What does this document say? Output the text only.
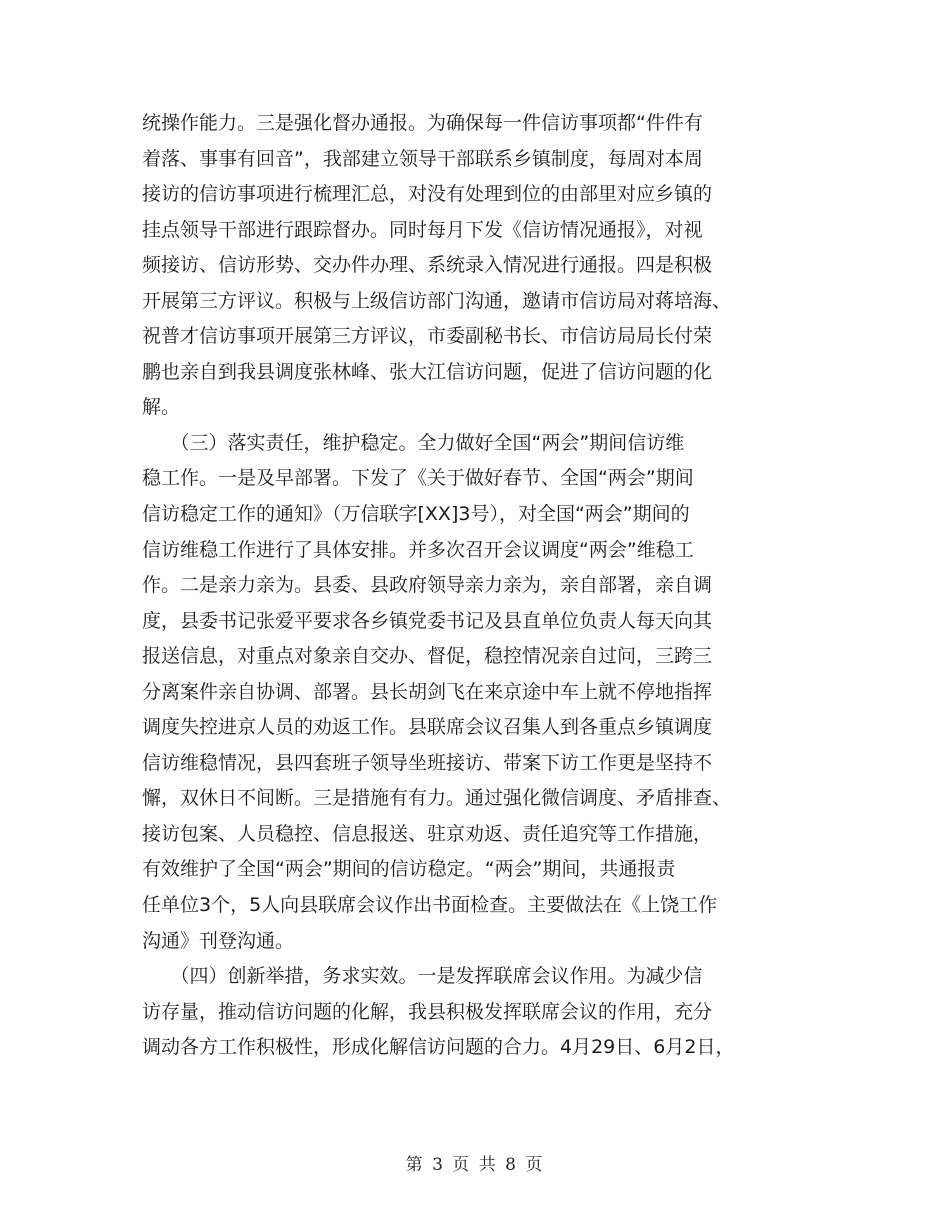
统操作能力。三是强化督办通报。为确保每一件信访事项都“件件有
着落、事事有回音”，我部建立领导干部联系乡镇制度，每周对本周
接访的信访事项进行梳理汇总，对没有处理到位的由部里对应乡镇的
挂点领导干部进行跟踪督办。同时每月下发《信访情况通报》，对视
频接访、信访形势、交办件办理、系统录入情况进行通报。四是积极
开展第三方评议。积极与上级信访部门沟通，邀请市信访局对蒋培海、
祝普才信访事项开展第三方评议，市委副秘书长、市信访局局长付荣
鹏也亲自到我县调度张林峰、张大江信访问题，促进了信访问题的化
解。
　　（三）落实责任，维护稳定。全力做好全国“两会”期间信访维
稳工作。一是及早部署。下发了《关于做好春节、全国“两会”期间
信访稳定工作的通知》（万信联字[XX]3号），对全国“两会”期间的
信访维稳工作进行了具体安排。并多次召开会议调度“两会”维稳工
作。二是亲力亲为。县委、县政府领导亲力亲为，亲自部署，亲自调
度，县委书记张爱平要求各乡镇党委书记及县直单位负责人每天向其
报送信息，对重点对象亲自交办、督促，稳控情况亲自过问，三跨三
分离案件亲自协调、部署。县长胡剑飞在来京途中车上就不停地指挥
调度失控进京人员的劝返工作。县联席会议召集人到各重点乡镇调度
信访维稳情况，县四套班子领导坐班接访、带案下访工作更是坚持不
懈，双休日不间断。三是措施有有力。通过强化微信调度、矛盾排查、
接访包案、人员稳控、信息报送、驻京劝返、责任追究等工作措施，
有效维护了全国“两会”期间的信访稳定。“两会”期间，共通报责
任单位3个，5人向县联席会议作出书面检查。主要做法在《上饶工作
沟通》刊登沟通。
　　（四）创新举措，务求实效。一是发挥联席会议作用。为减少信
访存量，推动信访问题的化解，我县积极发挥联席会议的作用，充分
调动各方工作积极性，形成化解信访问题的合力。4月29日、6月2日，
第 3 页 共 8 页
